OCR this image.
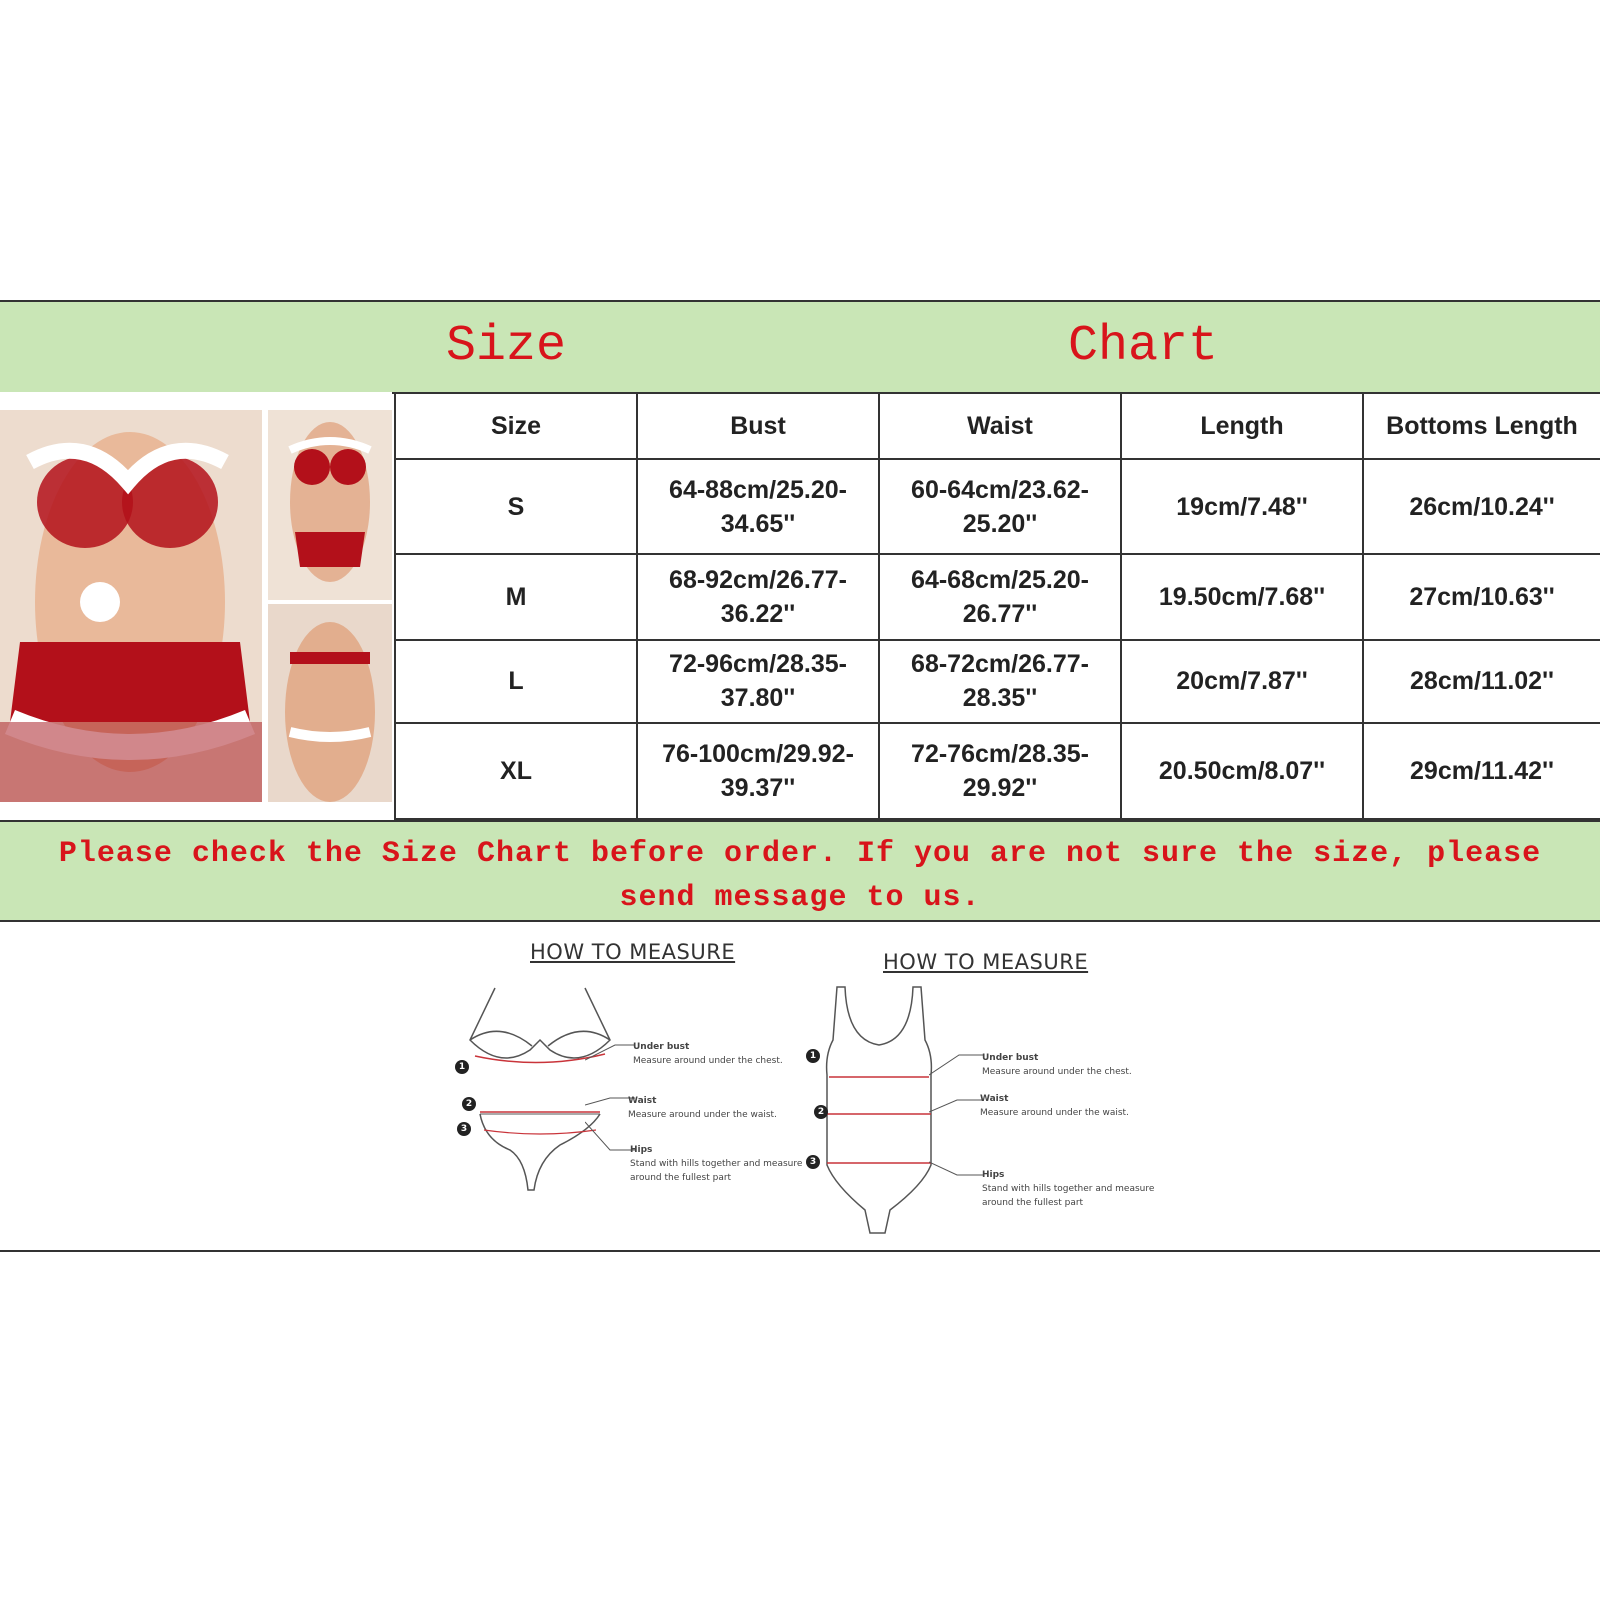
Size	Chart
Size	Bust	Waist	Length	Bottoms Length
S	64-88cm/25.20-34.65''	60-64cm/23.62-25.20''	19cm/7.48''	26cm/10.24''
M	68-92cm/26.77-36.22''	64-68cm/25.20-26.77''	19.50cm/7.68''	27cm/10.63''
L	72-96cm/28.35-37.80''	68-72cm/26.77-28.35''	20cm/7.87''	28cm/11.02''
XL	76-100cm/29.92-39.37''	72-76cm/28.35-29.92''	20.50cm/8.07''	29cm/11.42''
Please check the Size Chart before order. If you are not sure the size, please send message to us.
HOW TO MEASURE
1
2
3
Under bust
Measure around under the chest.
Waist
Measure around under the waist.
Hips
Stand with hills together and measure around the fullest part
HOW TO MEASURE
1
2
3
Under bust
Measure around under the chest.
Waist
Measure around under the waist.
Hips
Stand with hills together and measure around the fullest part
